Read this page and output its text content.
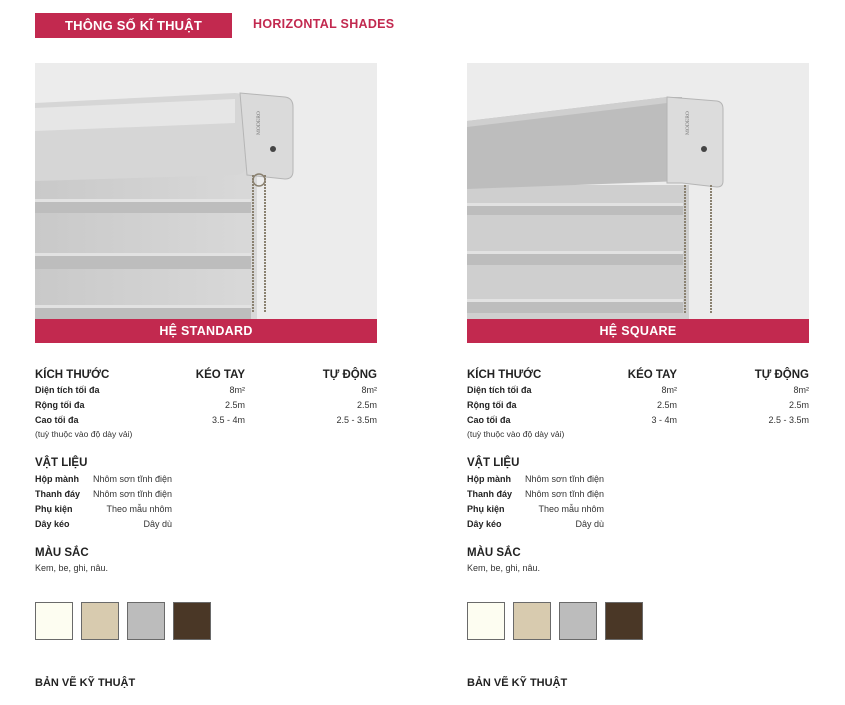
THÔNG SỐ KĨ THUẬT	HORIZONTAL SHADES
MODERO
HỆ STANDARD
KÍCH THƯỚC	KÉO TAY	TỰ ĐỘNG
Diện tích tối đa	8m²	8m²
Rộng tối đa	2.5m	2.5m
Cao tối đa	3.5 - 4m	2.5 - 3.5m
(tuỳ thuộc vào độ dày vải)
VẬT LIỆU
Hộp mành	Nhôm sơn tĩnh điện
Thanh đáy	Nhôm sơn tĩnh điện
Phụ kiện	Theo mẫu nhôm
Dây kéo	Dây dù
MÀU SẮC
Kem, be, ghi, nâu.
BẢN VẼ KỸ THUẬT
MODERO
HỆ SQUARE
KÍCH THƯỚC	KÉO TAY	TỰ ĐỘNG
Diện tích tối đa	8m²	8m²
Rộng tối đa	2.5m	2.5m
Cao tối đa	3 - 4m	2.5 - 3.5m
(tuỳ thuộc vào độ dày vải)
VẬT LIỆU
Hộp mành	Nhôm sơn tĩnh điện
Thanh đáy	Nhôm sơn tĩnh điện
Phụ kiện	Theo mẫu nhôm
Dây kéo	Dây dù
MÀU SẮC
Kem, be, ghi, nâu.
BẢN VẼ KỸ THUẬT
